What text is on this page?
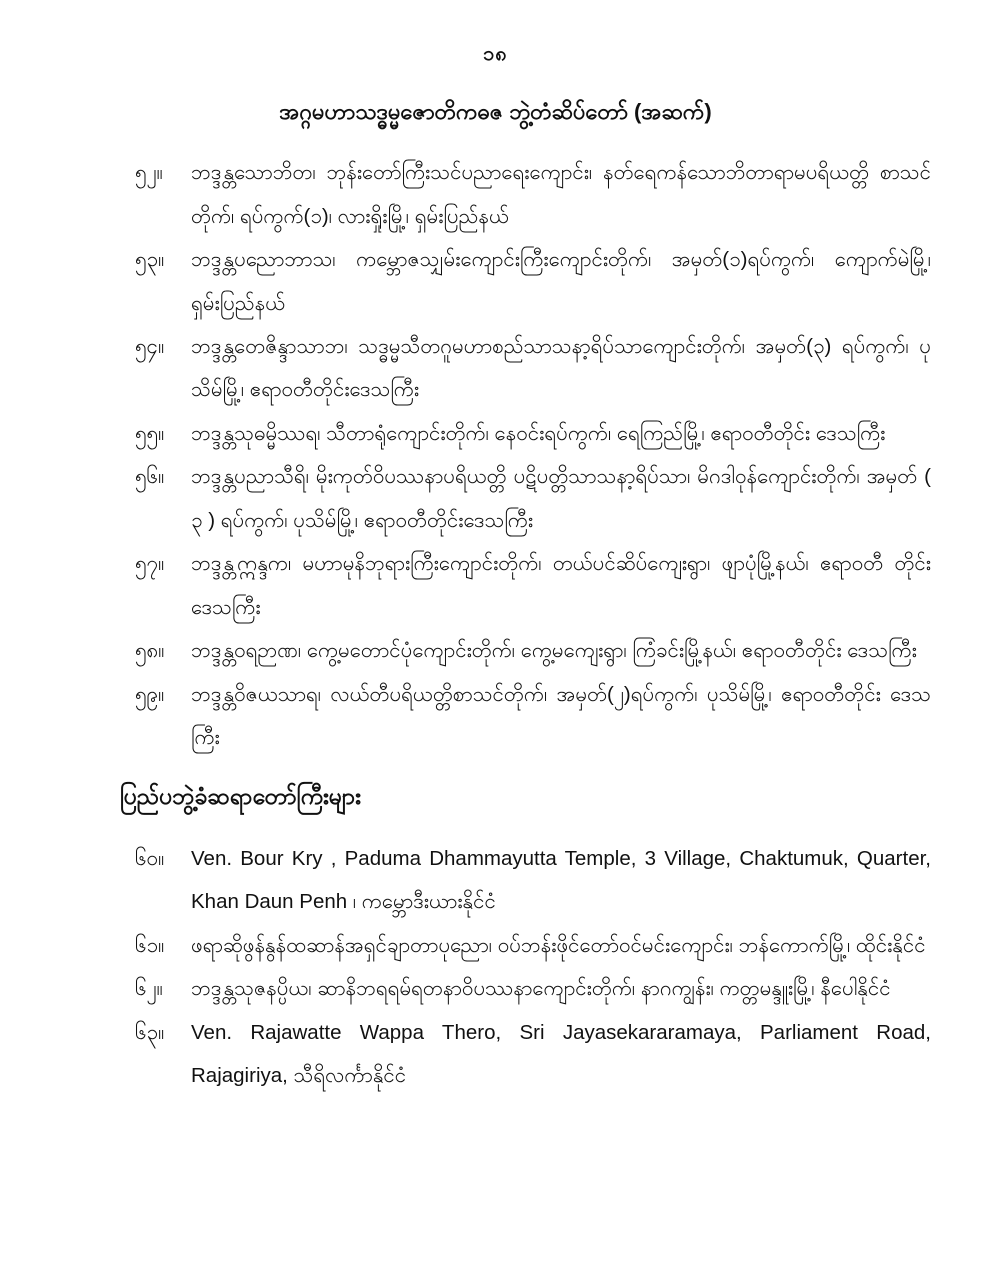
၁၈
အဂ္ဂမဟာသဒ္ဓမ္မဇောတိကဓဇ ဘွဲ့တံဆိပ်တော် (အဆက်)
၅၂။	ဘဒ္ဒန္တသောဘိတ၊ ဘုန်းတော်ကြီးသင်ပညာရေးကျောင်း၊ နတ်ရေကန်သောဘိတာရာမပရိယတ္တိ စာသင်တိုက်၊ ရပ်ကွက်(၁)၊ လားရှိုးမြို့၊ ရှမ်းပြည်နယ်
၅၃။	ဘဒ္ဒန္တပညောဘာသ၊ ကမ္ဘောဇသျှမ်းကျောင်းကြီးကျောင်းတိုက်၊ အမှတ်(၁)ရပ်ကွက်၊ ကျောက်မဲမြို့၊ ရှမ်းပြည်နယ်
၅၄။	ဘဒ္ဒန္တတေဇိန္ဒာသာဘ၊ သဒ္ဓမ္မသီတဂူမဟာစည်သာသနာ့ရိပ်သာကျောင်းတိုက်၊ အမှတ်(၃) ရပ်ကွက်၊ ပုသိမ်မြို့၊ ဧရာဝတီတိုင်းဒေသကြီး
၅၅။	ဘဒ္ဒန္တသုဓမ္မိဿရ၊ သီတာရုံကျောင်းတိုက်၊ နေဝင်းရပ်ကွက်၊ ရေကြည်မြို့၊ ဧရာဝတီတိုင်း ဒေသကြီး
၅၆။	ဘဒ္ဒန္တပညာသီရိ၊ မိုးကုတ်ဝိပဿနာပရိယတ္တိ ပဋိပတ္တိသာသနာ့ရိပ်သာ၊ မိဂဒါဝုန်ကျောင်းတိုက်၊ အမှတ် ( ၃ ) ရပ်ကွက်၊ ပုသိမ်မြို့၊ ဧရာဝတီတိုင်းဒေသကြီး
၅၇။	ဘဒ္ဒန္တဣန္ဒက၊ မဟာမုနိဘုရားကြီးကျောင်းတိုက်၊ တယ်ပင်ဆိပ်ကျေးရွာ၊ ဖျာပုံမြို့နယ်၊ ဧရာဝတီ တိုင်းဒေသကြီး
၅၈။	ဘဒ္ဒန္တဝရဉာဏ၊ ကွေ့မတောင်ပုံကျောင်းတိုက်၊ ကွေ့မကျေးရွာ၊ ကြံခင်းမြို့နယ်၊ ဧရာဝတီတိုင်း ဒေသကြီး
၅၉။	ဘဒ္ဒန္တဝိဇယသာရ၊ လယ်တီပရိယတ္တိစာသင်တိုက်၊ အမှတ်(၂)ရပ်ကွက်၊ ပုသိမ်မြို့၊ ဧရာဝတီတိုင်း ဒေသကြီး
ပြည်ပဘွဲ့ခံဆရာတော်ကြီးများ
၆၀။	Ven. Bour Kry , Paduma Dhammayutta Temple, 3 Village, Chaktumuk, Quarter, Khan Daun Penh ၊ ကမ္ဘောဒီးယားနိုင်ငံ
၆၁။	ဖရာဆိုဖွန်နွန်ထဆာန်အရှင်ချာတာပုညော၊ ဝပ်ဘန်းဖိုင်တော်ဝင်မင်းကျောင်း၊ ဘန်ကောက်မြို့၊ ထိုင်းနိုင်ငံ
၆၂။	ဘဒ္ဒန္တသုဇနပ္ပိယ၊ ဆာနိဘရရမ်ရတနာဝိပဿနာကျောင်းတိုက်၊ နာဂကျွန်း၊ ကတ္တမန္ဒူးမြို့၊ နီပေါနိုင်ငံ
၆၃။	Ven. Rajawatte Wappa Thero, Sri Jayasekararamaya, Parliament Road, Rajagiriya, သီရိလင်္ကာနိုင်ငံ
